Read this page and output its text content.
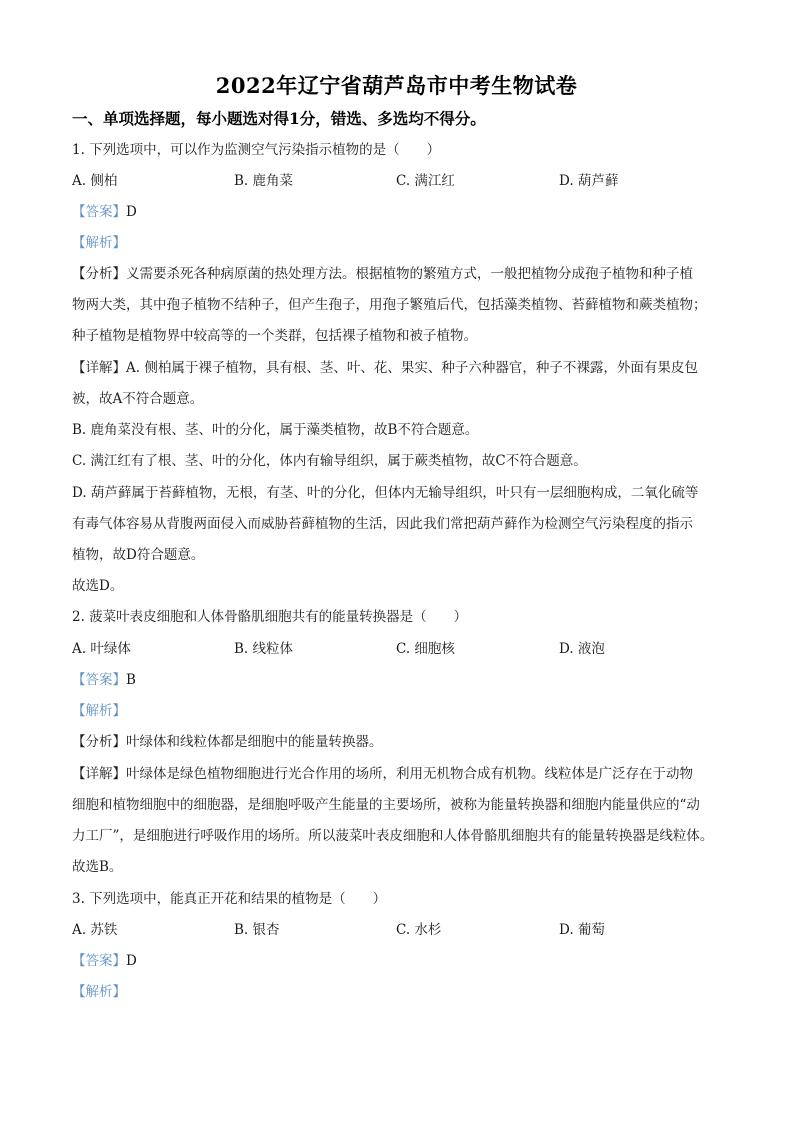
2022年辽宁省葫芦岛市中考生物试卷
一、单项选择题，每小题选对得1分，错选、多选均不得分。
1. 下列选项中，可以作为监测空气污染指示植物的是（　　）
A. 侧柏	B. 鹿角菜	C. 满江红	D. 葫芦藓
【答案】D
【解析】
【分析】义需要杀死各种病原菌的热处理方法。根据植物的繁殖方式，一般把植物分成孢子植物和种子植
物两大类，其中孢子植物不结种子，但产生孢子，用孢子繁殖后代，包括藻类植物、苔藓植物和蕨类植物；
种子植物是植物界中较高等的一个类群，包括裸子植物和被子植物。
【详解】A. 侧柏属于裸子植物，具有根、茎、叶、花、果实、种子六种器官，种子不裸露，外面有果皮包
被，故A不符合题意。
B. 鹿角菜没有根、茎、叶的分化，属于藻类植物，故B不符合题意。
C. 满江红有了根、茎、叶的分化，体内有输导组织，属于蕨类植物，故C不符合题意。
D. 葫芦藓属于苔藓植物，无根，有茎、叶的分化，但体内无输导组织，叶只有一层细胞构成，二氧化硫等
有毒气体容易从背腹两面侵入而威胁苔藓植物的生活，因此我们常把葫芦藓作为检测空气污染程度的指示
植物，故D符合题意。
故选D。
2. 菠菜叶表皮细胞和人体骨骼肌细胞共有的能量转换器是（　　）
A. 叶绿体	B. 线粒体	C. 细胞核	D. 液泡
【答案】B
【解析】
【分析】叶绿体和线粒体都是细胞中的能量转换器。
【详解】叶绿体是绿色植物细胞进行光合作用的场所，利用无机物合成有机物。线粒体是广泛存在于动物
细胞和植物细胞中的细胞器，是细胞呼吸产生能量的主要场所，被称为能量转换器和细胞内能量供应的“动
力工厂”，是细胞进行呼吸作用的场所。所以菠菜叶表皮细胞和人体骨骼肌细胞共有的能量转换器是线粒体。
故选B。
3. 下列选项中，能真正开花和结果的植物是（　　）
A. 苏铁	B. 银杏	C. 水杉	D. 葡萄
【答案】D
【解析】
